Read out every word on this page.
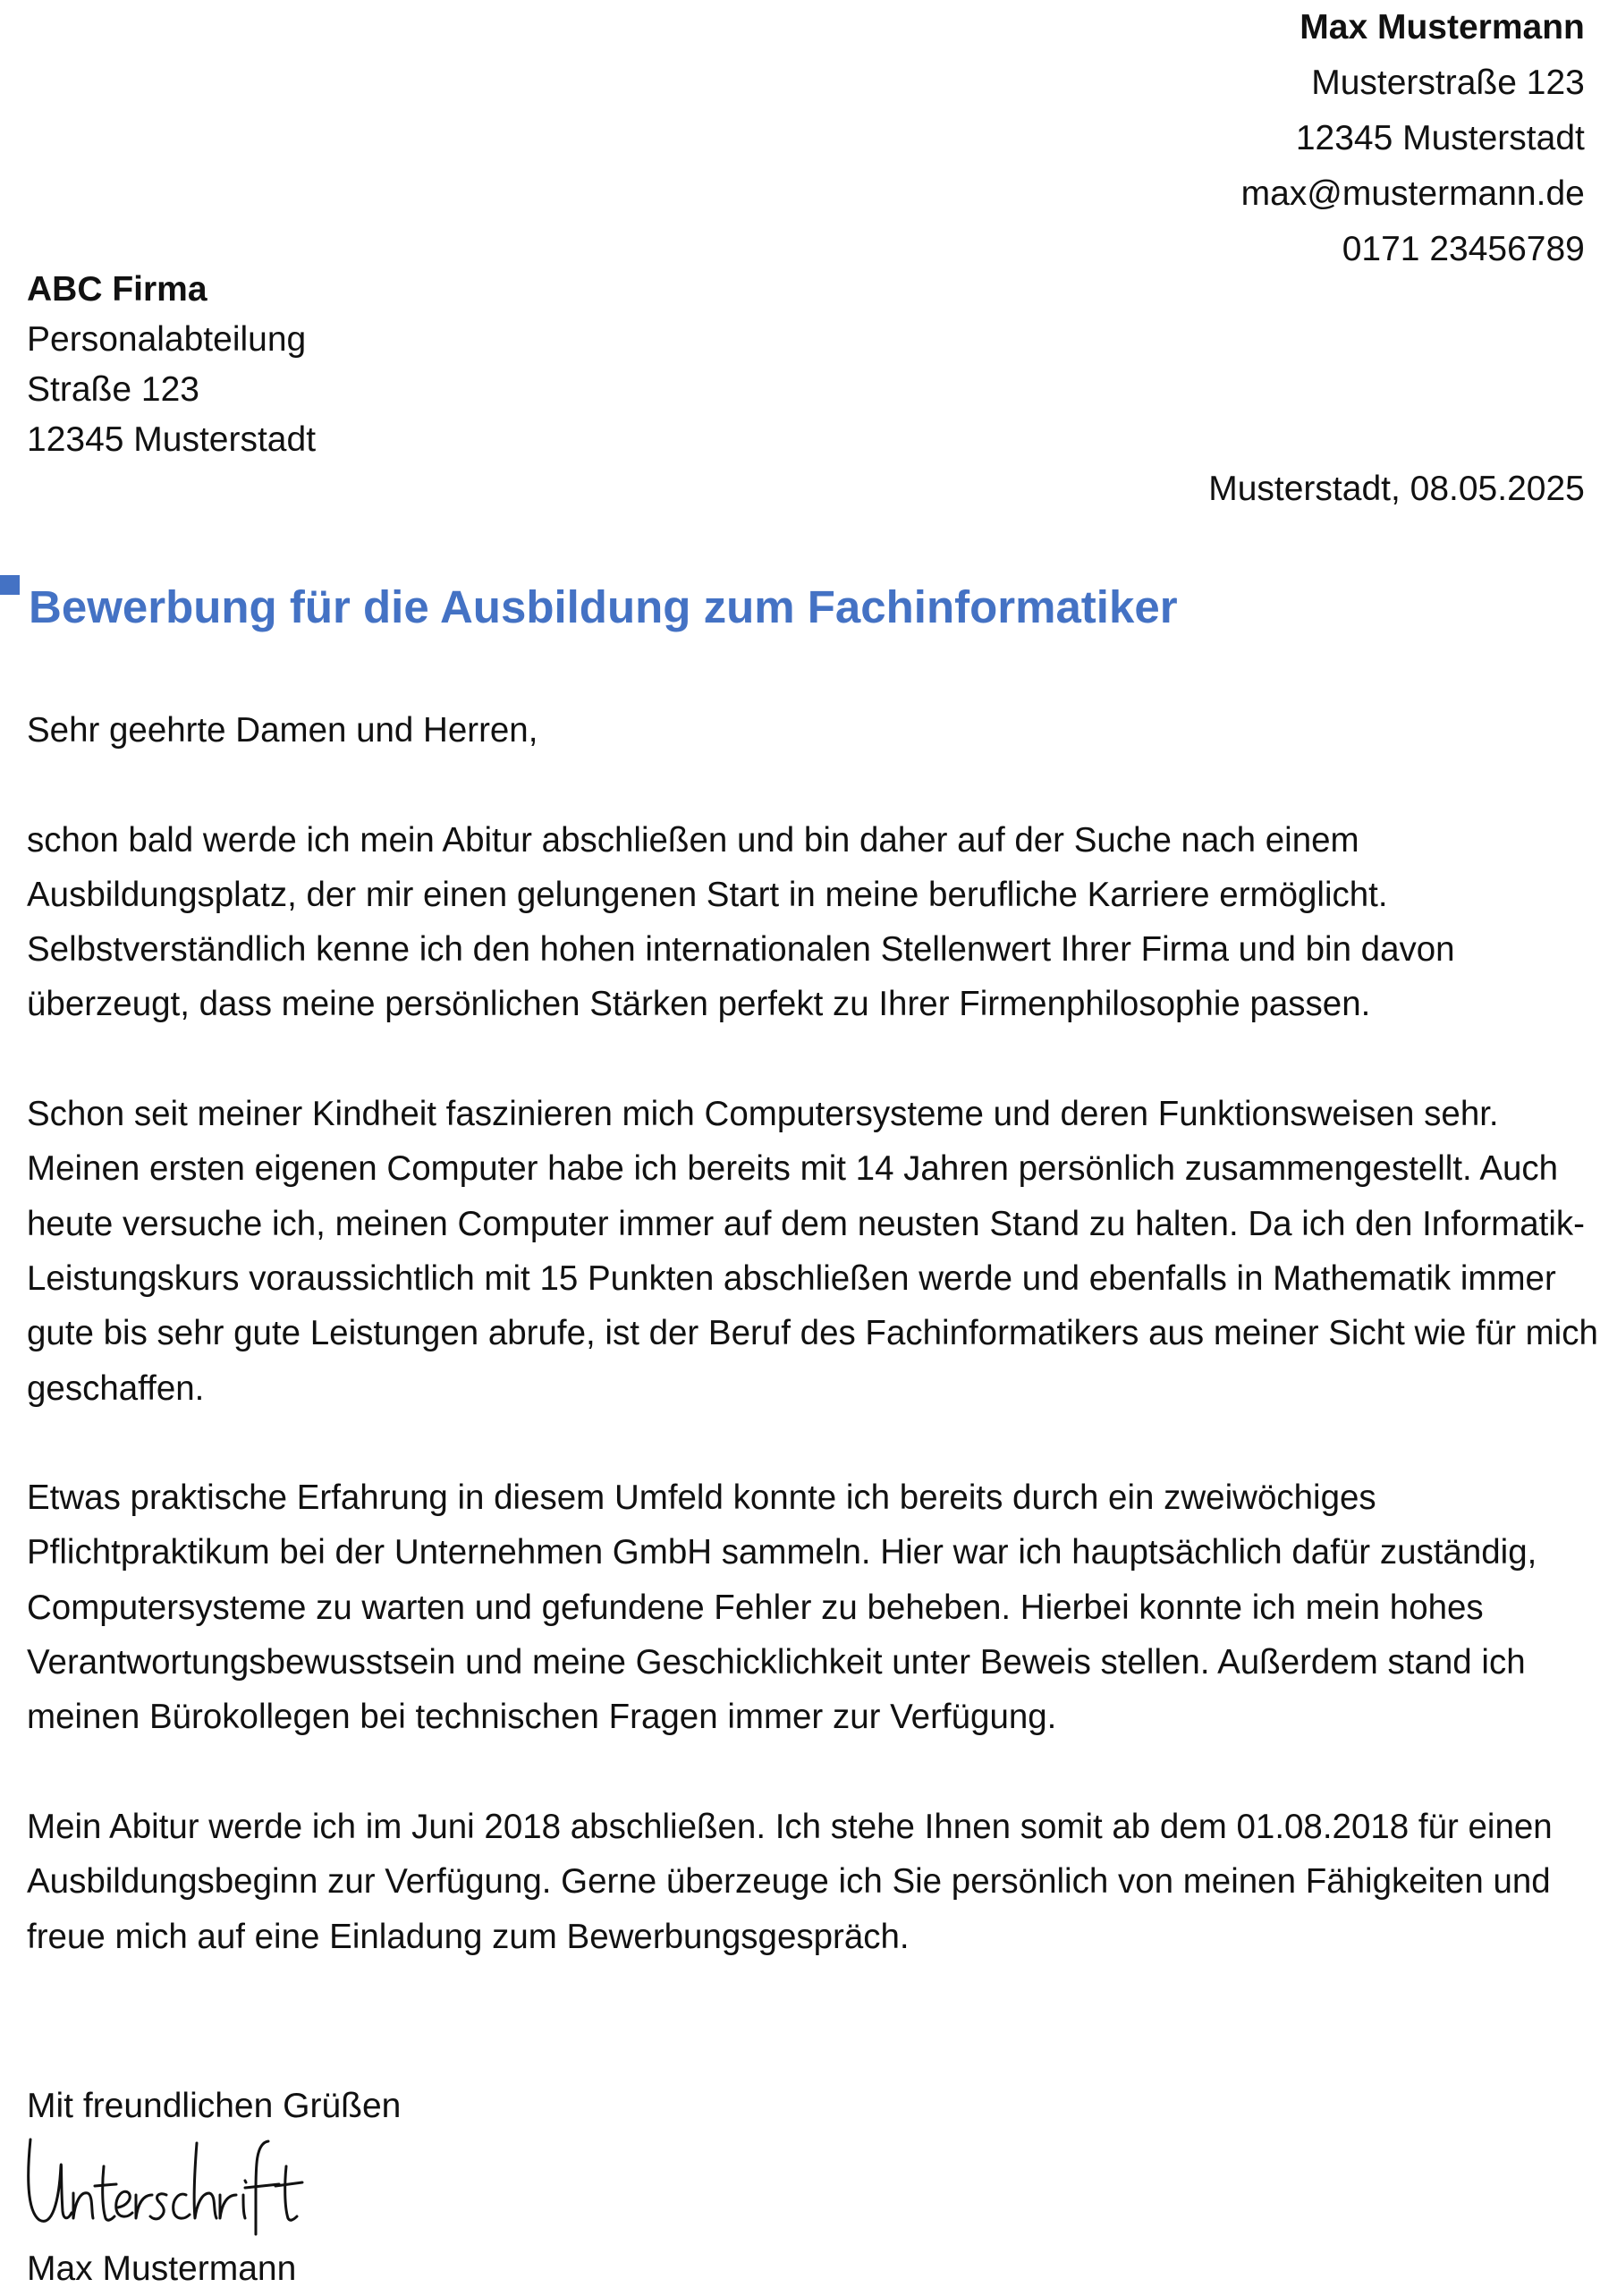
Max Mustermann
Musterstraße 123
12345 Musterstadt
max@mustermann.de
0171 23456789
ABC Firma
Personalabteilung
Straße 123
12345 Musterstadt
Musterstadt, 08.05.2025
Bewerbung für die Ausbildung zum Fachinformatiker
Sehr geehrte Damen und Herren,

schon bald werde ich mein Abitur abschließen und bin daher auf der Suche nach einem Ausbildungsplatz, der mir einen gelungenen Start in meine berufliche Karriere ermöglicht. Selbstverständlich kenne ich den hohen internationalen Stellenwert Ihrer Firma und bin davon überzeugt, dass meine persönlichen Stärken perfekt zu Ihrer Firmenphilosophie passen.

Schon seit meiner Kindheit faszinieren mich Computersysteme und deren Funktionsweisen sehr. Meinen ersten eigenen Computer habe ich bereits mit 14 Jahren persönlich zusammengestellt. Auch heute versuche ich, meinen Computer immer auf dem neusten Stand zu halten. Da ich den Informatik-Leistungskurs voraussichtlich mit 15 Punkten abschließen werde und ebenfalls in Mathematik immer gute bis sehr gute Leistungen abrufe, ist der Beruf des Fachinformatikers aus meiner Sicht wie für mich geschaffen.

Etwas praktische Erfahrung in diesem Umfeld konnte ich bereits durch ein zweiwöchiges Pflichtpraktikum bei der Unternehmen GmbH sammeln. Hier war ich hauptsächlich dafür zuständig, Computersysteme zu warten und gefundene Fehler zu beheben. Hierbei konnte ich mein hohes Verantwortungsbewusstsein und meine Geschicklichkeit unter Beweis stellen. Außerdem stand ich meinen Bürokollegen bei technischen Fragen immer zur Verfügung.

Mein Abitur werde ich im Juni 2018 abschließen. Ich stehe Ihnen somit ab dem 01.08.2018 für einen Ausbildungsbeginn zur Verfügung. Gerne überzeuge ich Sie persönlich von meinen Fähigkeiten und freue mich auf eine Einladung zum Bewerbungsgespräch.

Mit freundlichen Grüßen
Max Mustermann
